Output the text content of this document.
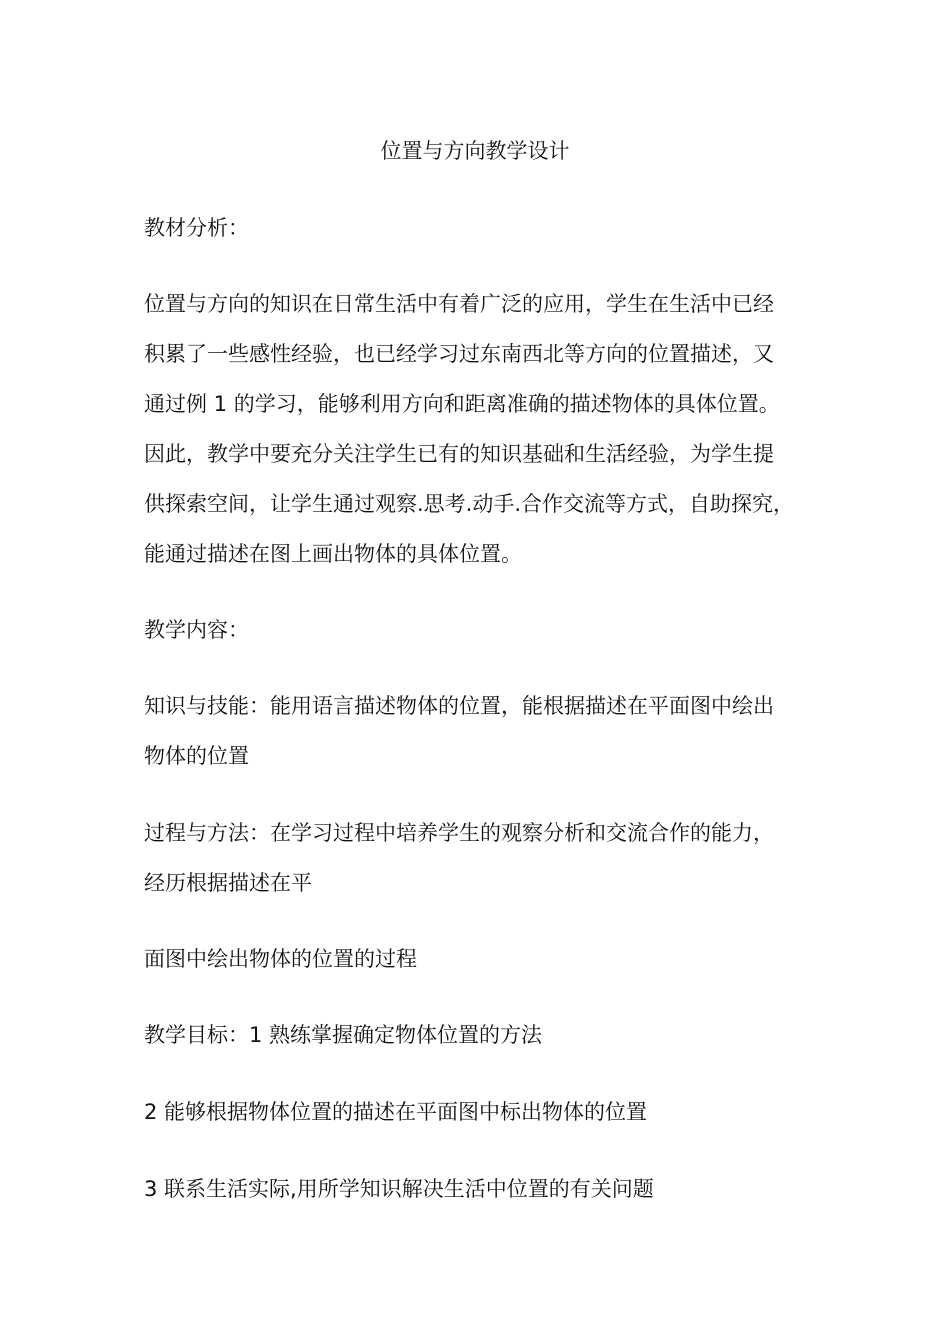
位置与方向教学设计
教材分析：
位置与方向的知识在日常生活中有着广泛的应用，学生在生活中已经
积累了一些感性经验，也已经学习过东南西北等方向的位置描述，又
通过例 1 的学习，能够利用方向和距离准确的描述物体的具体位置。
因此，教学中要充分关注学生已有的知识基础和生活经验，为学生提
供探索空间，让学生通过观察.思考.动手.合作交流等方式，自助探究，
能通过描述在图上画出物体的具体位置。
教学内容：
知识与技能：能用语言描述物体的位置，能根据描述在平面图中绘出
物体的位置
过程与方法：在学习过程中培养学生的观察分析和交流合作的能力，
经历根据描述在平
面图中绘出物体的位置的过程
教学目标：1 熟练掌握确定物体位置的方法
2 能够根据物体位置的描述在平面图中标出物体的位置
3 联系生活实际,用所学知识解决生活中位置的有关问题
